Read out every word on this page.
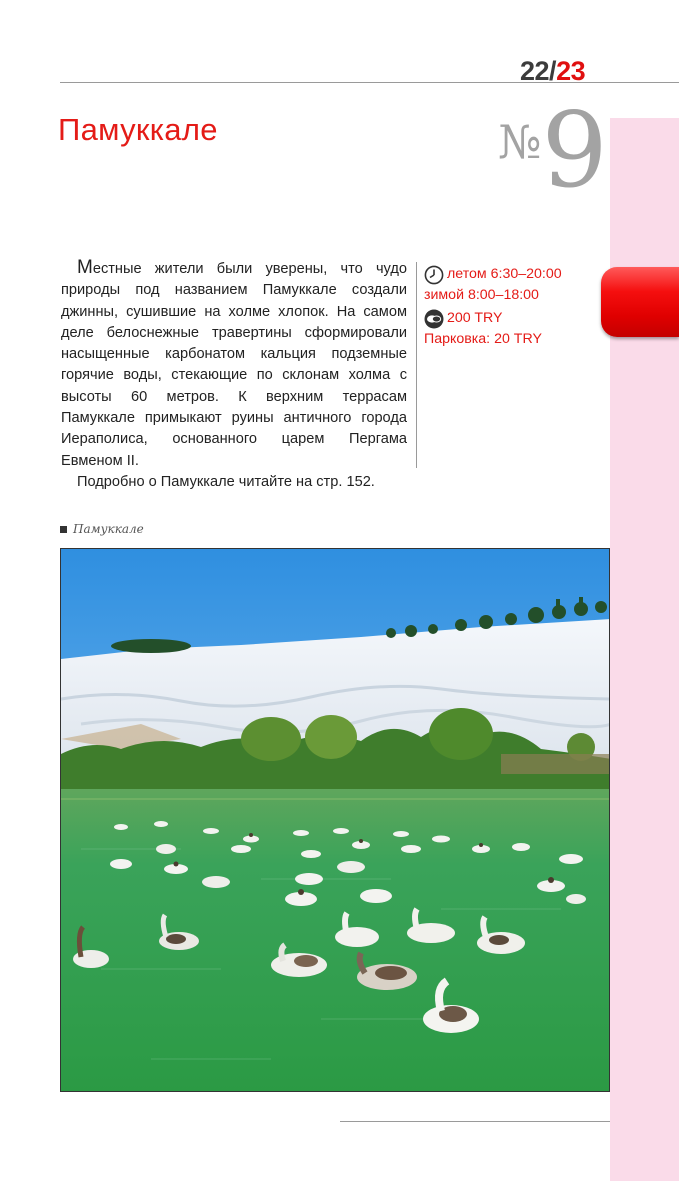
22/23
Памуккале	№9

Местные жители были уверены, что чудо природы под названием Памуккале создали джинны, сушившие на холме хлопок. На самом деле белоснежные травертины сформировали насыщенные карбонатом кальция подземные горячие воды, стекающие по склонам холма с высоты 60 метров. К верхним террасам Памуккале примыкают руины античного города Иераполиса, основанного царем Пергама Евменом II.

Подробно о Памуккале читайте на стр. 152.

летом 6:30–20:00
зимой 8:00–18:00
200 TRY
Парковка: 20 TRY
Памуккале
